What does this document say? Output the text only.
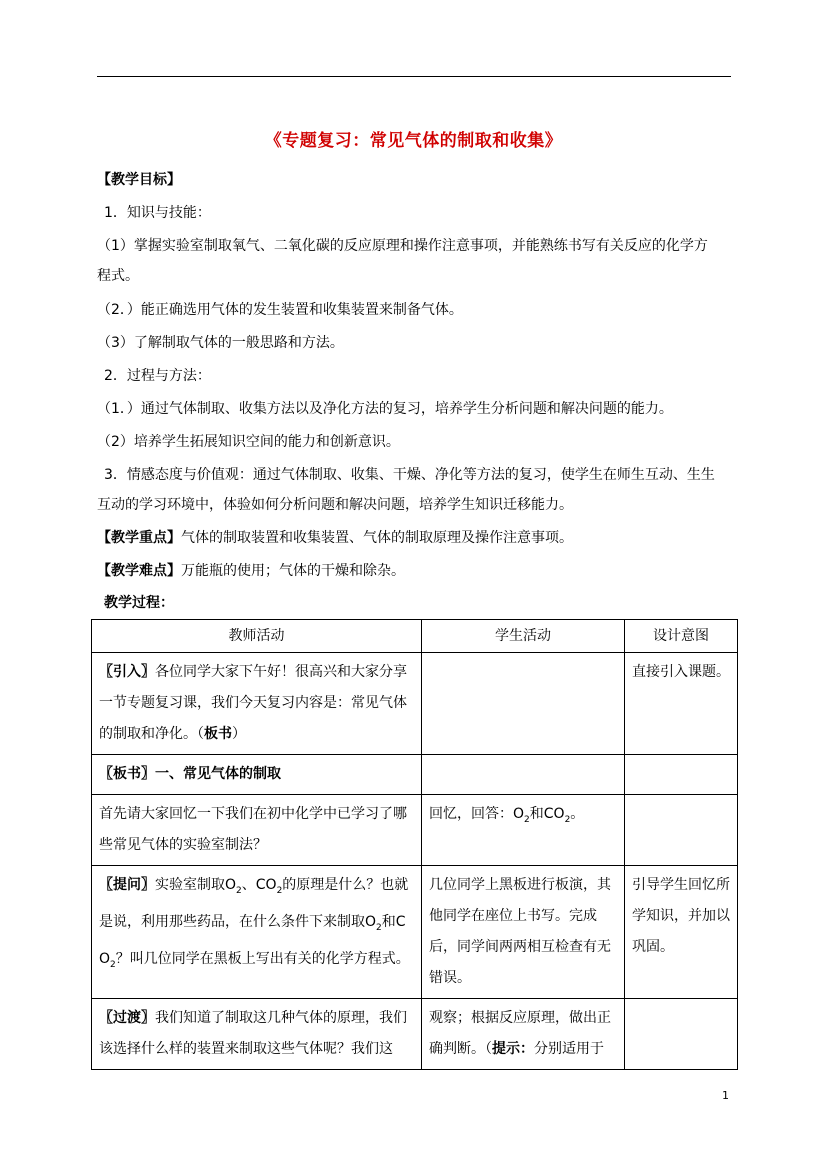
《专题复习：常见气体的制取和收集》
【教学目标】
1．知识与技能：
（1）掌握实验室制取氧气、二氧化碳的反应原理和操作注意事项，并能熟练书写有关反应的化学方
程式。
（2．）能正确选用气体的发生装置和收集装置来制备气体。
（3）了解制取气体的一般思路和方法。
2．过程与方法：
（1．）通过气体制取、收集方法以及净化方法的复习，培养学生分析问题和解决问题的能力。
（2）培养学生拓展知识空间的能力和创新意识。
3．情感态度与价值观：通过气体制取、收集、干燥、净化等方法的复习，使学生在师生互动、生生
互动的学习环境中，体验如何分析问题和解决问题，培养学生知识迁移能力。
【教学重点】气体的制取装置和收集装置、气体的制取原理及操作注意事项。
【教学难点】万能瓶的使用；气体的干燥和除杂。
教学过程：
教师活动	学生活动	设计意图
〖引入〗各位同学大家下午好！很高兴和大家分享一节专题复习课，我们今天复习内容是：常见气体的制取和净化。（板书）		直接引入课题。
〖板书〗一、常见气体的制取		
首先请大家回忆一下我们在初中化学中已学习了哪些常见气体的实验室制法？	回忆，回答：$O_2$和$CO_2$。	
〖提问〗实验室制取$O_2$、$CO_2$的原理是什么？也就是说，利用那些药品，在什么条件下来制取$O_2$和$CO_2$？叫几位同学在黑板上写出有关的化学方程式。	几位同学上黑板进行板演，其他同学在座位上书写。完成后，同学间两两相互检查有无错误。	引导学生回忆所学知识，并加以巩固。
〖过渡〗我们知道了制取这几种气体的原理，我们该选择什么样的装置来制取这些气体呢？我们这	观察；根据反应原理，做出正确判断。（提示：分别适用于	
1
